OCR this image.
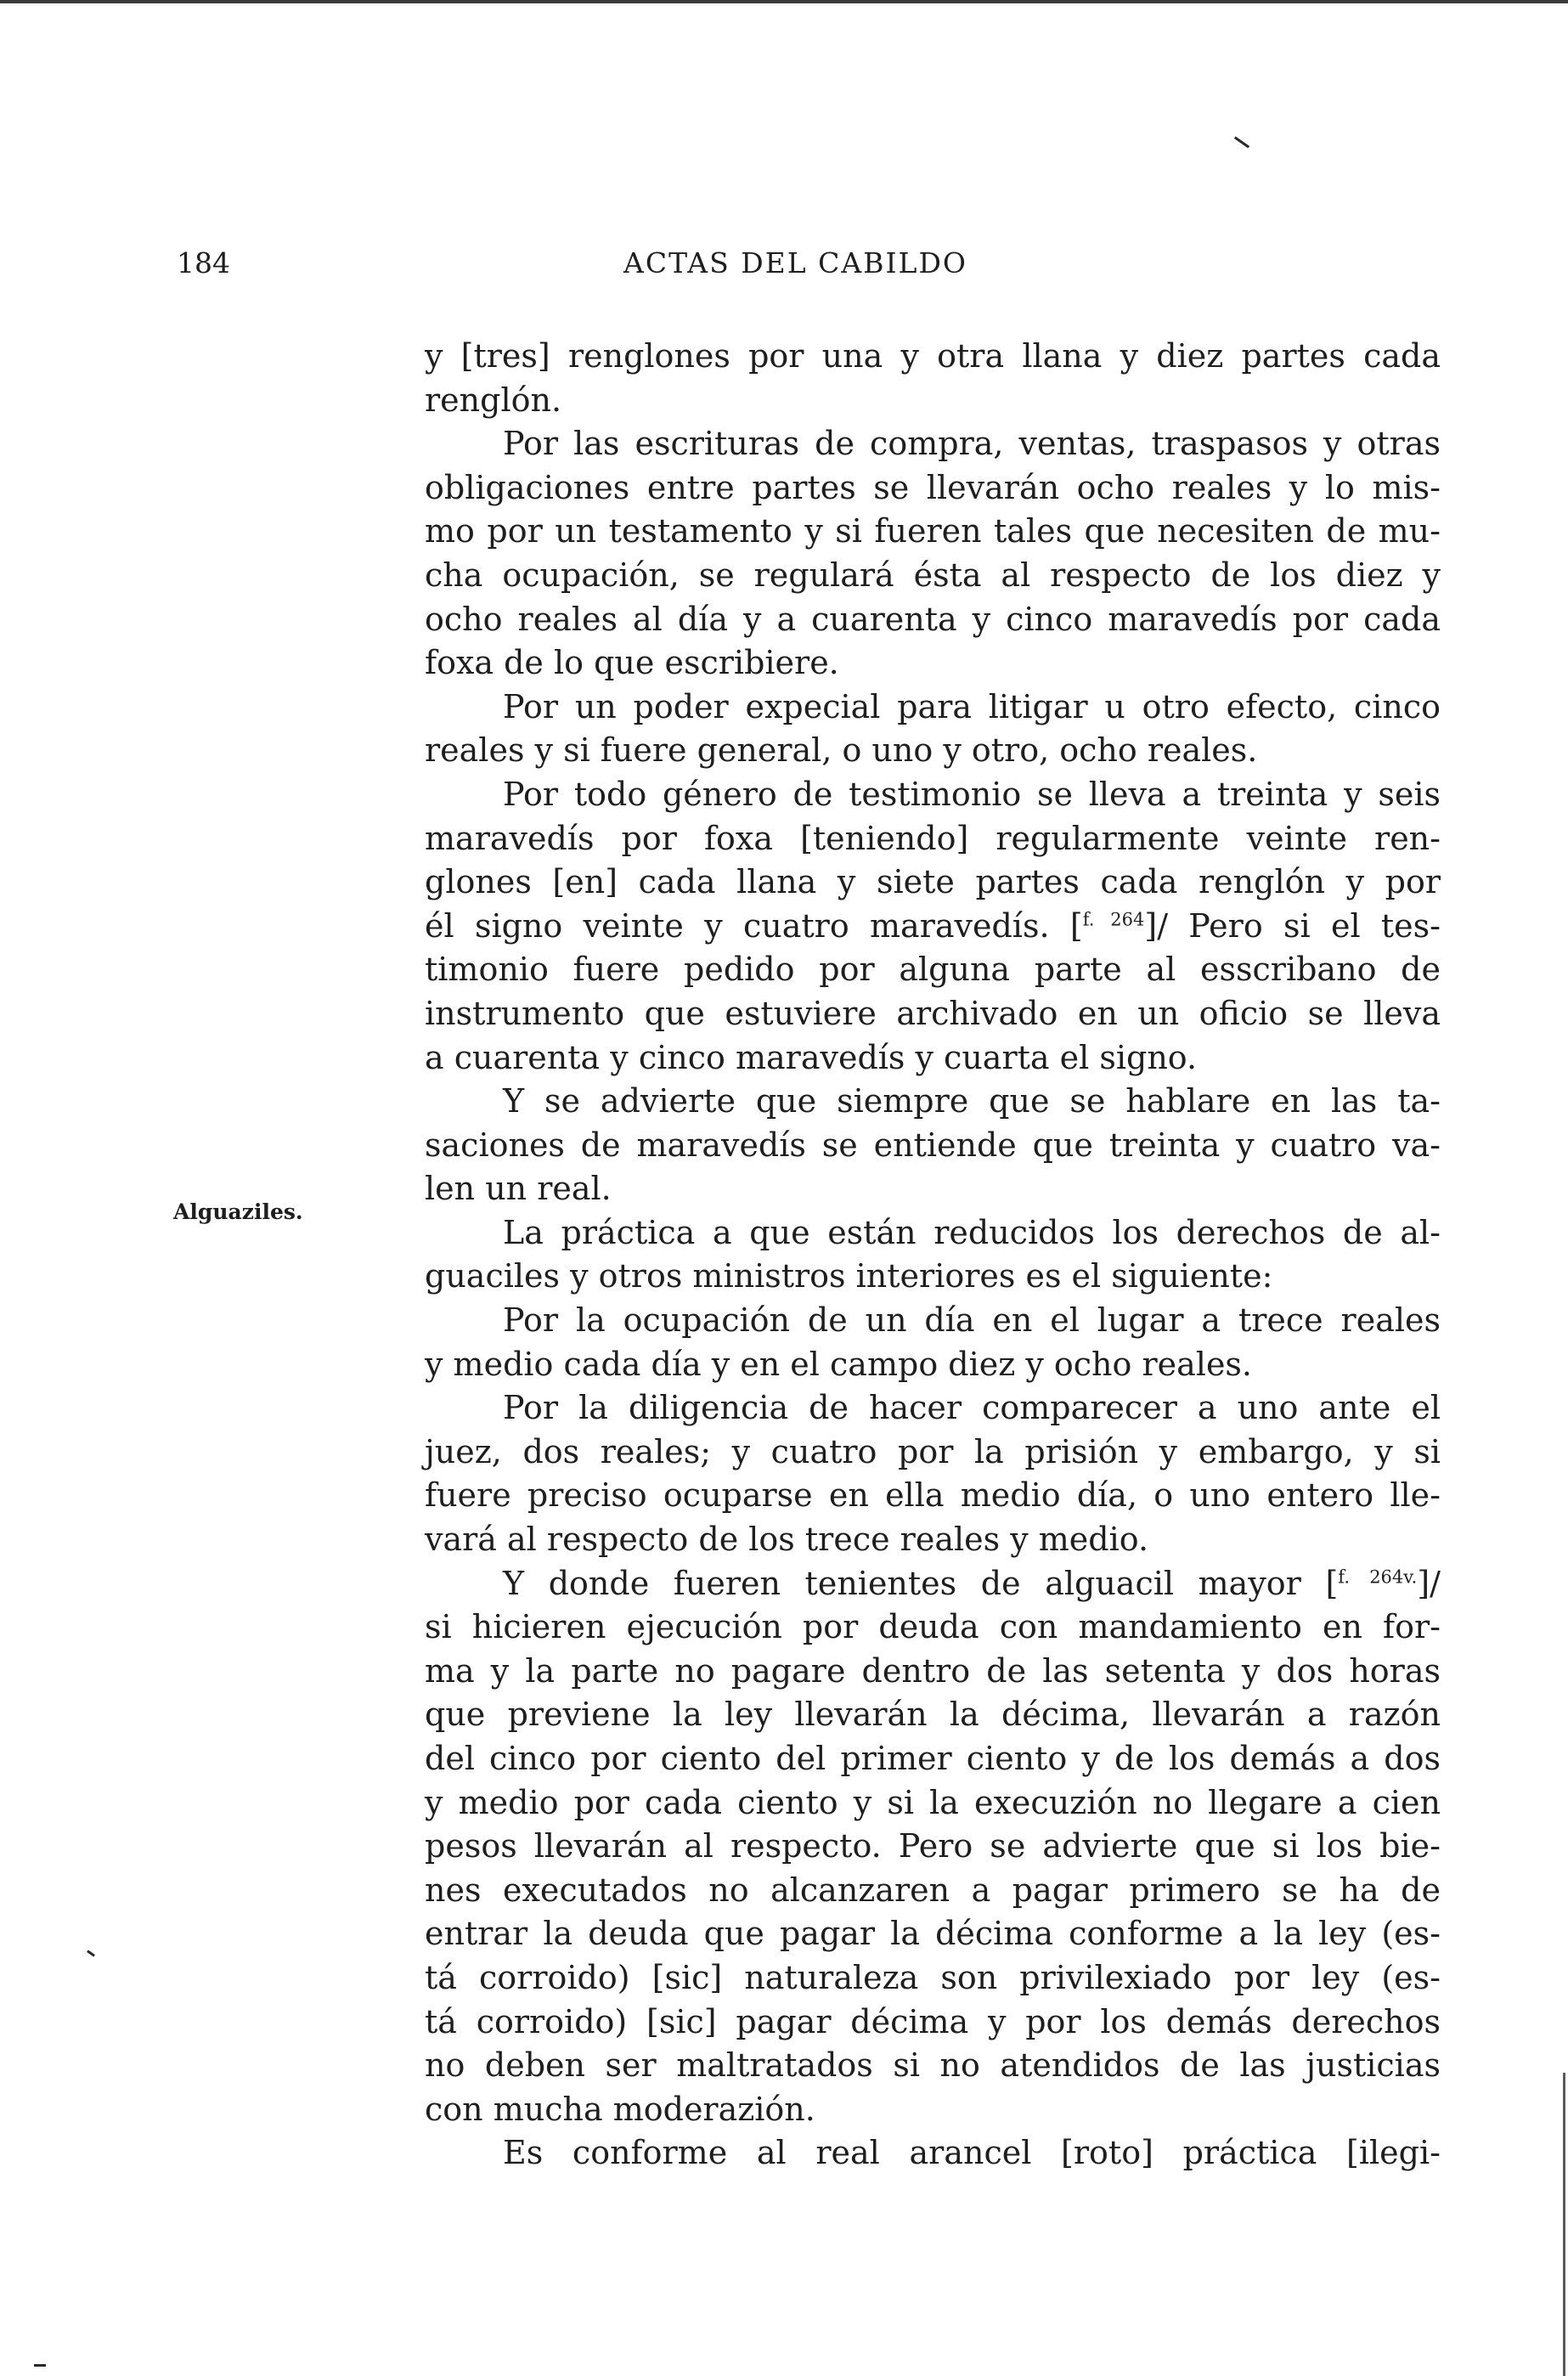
184	ACTAS DEL CABILDO
Alguaziles.
y [tres] renglones por una y otra llana y diez partes cada
renglón.
Por las escrituras de compra, ventas, traspasos y otras
obligaciones entre partes se llevarán ocho reales y lo mis-
mo por un testamento y si fueren tales que necesiten de mu-
cha ocupación, se regulará ésta al respecto de los diez y
ocho reales al día y a cuarenta y cinco maravedís por cada
foxa de lo que escribiere.
Por un poder expecial para litigar u otro efecto, cinco
reales y si fuere general, o uno y otro, ocho reales.
Por todo género de testimonio se lleva a treinta y seis
maravedís por foxa [teniendo] regularmente veinte ren-
glones [en] cada llana y siete partes cada renglón y por
él signo veinte y cuatro maravedís. [$^{f. 264}$]/ Pero si el tes-
timonio fuere pedido por alguna parte al esscribano de
instrumento que estuviere archivado en un oficio se lleva
a cuarenta y cinco maravedís y cuarta el signo.
Y se advierte que siempre que se hablare en las ta-
saciones de maravedís se entiende que treinta y cuatro va-
len un real.
La práctica a que están reducidos los derechos de al-
guaciles y otros ministros interiores es el siguiente:
Por la ocupación de un día en el lugar a trece reales
y medio cada día y en el campo diez y ocho reales.
Por la diligencia de hacer comparecer a uno ante el
juez, dos reales; y cuatro por la prisión y embargo, y si
fuere preciso ocuparse en ella medio día, o uno entero lle-
vará al respecto de los trece reales y medio.
Y donde fueren tenientes de alguacil mayor [$^{f. 264v.}$]/
si hicieren ejecución por deuda con mandamiento en for-
ma y la parte no pagare dentro de las setenta y dos horas
que previene la ley llevarán la décima, llevarán a razón
del cinco por ciento del primer ciento y de los demás a dos
y medio por cada ciento y si la execuzión no llegare a cien
pesos llevarán al respecto. Pero se advierte que si los bie-
nes executados no alcanzaren a pagar primero se ha de
entrar la deuda que pagar la décima conforme a la ley (es-
tá corroido) [sic] naturaleza son privilexiado por ley (es-
tá corroido) [sic] pagar décima y por los demás derechos
no deben ser maltratados si no atendidos de las justicias
con mucha moderazión.
Es conforme al real arancel [roto] práctica [ilegi-
